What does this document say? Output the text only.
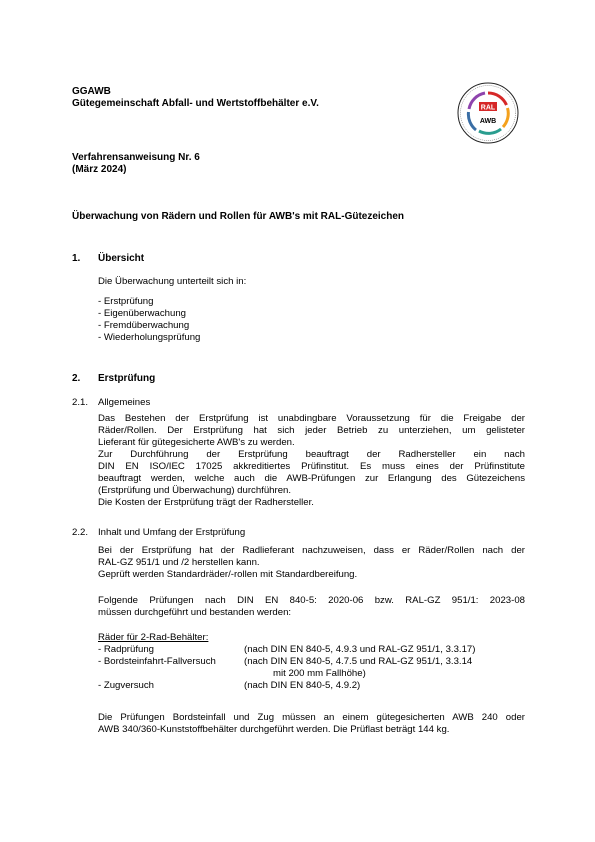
GGAWB
Gütegemeinschaft Abfall- und Wertstoffbehälter e.V.	RAL
AWB
Verfahrensanweisung Nr. 6
(März 2024)
Überwachung von Rädern und Rollen für AWB's mit RAL-Gütezeichen
1. Übersicht
Die Überwachung unterteilt sich in:
- Erstprüfung
- Eigenüberwachung
- Fremdüberwachung
- Wiederholungsprüfung
2. Erstprüfung
2.1. Allgemeines
Das Bestehen der Erstprüfung ist unabdingbare Voraussetzung für die Freigabe der
Räder/Rollen. Der Erstprüfung hat sich jeder Betrieb zu unterziehen, um gelisteter
Lieferant für gütegesicherte AWB's zu werden.
Zur Durchführung der Erstprüfung beauftragt der Radhersteller ein nach
DIN EN ISO/IEC 17025 akkreditiertes Prüfinstitut. Es muss eines der Prüfinstitute
beauftragt werden, welche auch die AWB-Prüfungen zur Erlangung des Gütezeichens
(Erstprüfung und Überwachung) durchführen.
Die Kosten der Erstprüfung trägt der Radhersteller.
2.2. Inhalt und Umfang der Erstprüfung
Bei der Erstprüfung hat der Radlieferant nachzuweisen, dass er Räder/Rollen nach der
RAL-GZ 951/1 und /2 herstellen kann.
Geprüft werden Standardräder/-rollen mit Standardbereifung.
Folgende Prüfungen nach DIN EN 840-5: 2020-06 bzw. RAL-GZ 951/1: 2023-08
müssen durchgeführt und bestanden werden:
Räder für 2-Rad-Behälter:
- Radprüfung	(nach DIN EN 840-5, 4.9.3 und RAL-GZ 951/1, 3.3.17)
- Bordsteinfahrt-Fallversuch	(nach DIN EN 840-5, 4.7.5 und RAL-GZ 951/1, 3.3.14
mit 200 mm Fallhöhe)
- Zugversuch	(nach DIN EN 840-5, 4.9.2)
Die Prüfungen Bordsteinfall und Zug müssen an einem gütegesicherten AWB 240 oder
AWB 340/360-Kunststoffbehälter durchgeführt werden. Die Prüflast beträgt 144 kg.
